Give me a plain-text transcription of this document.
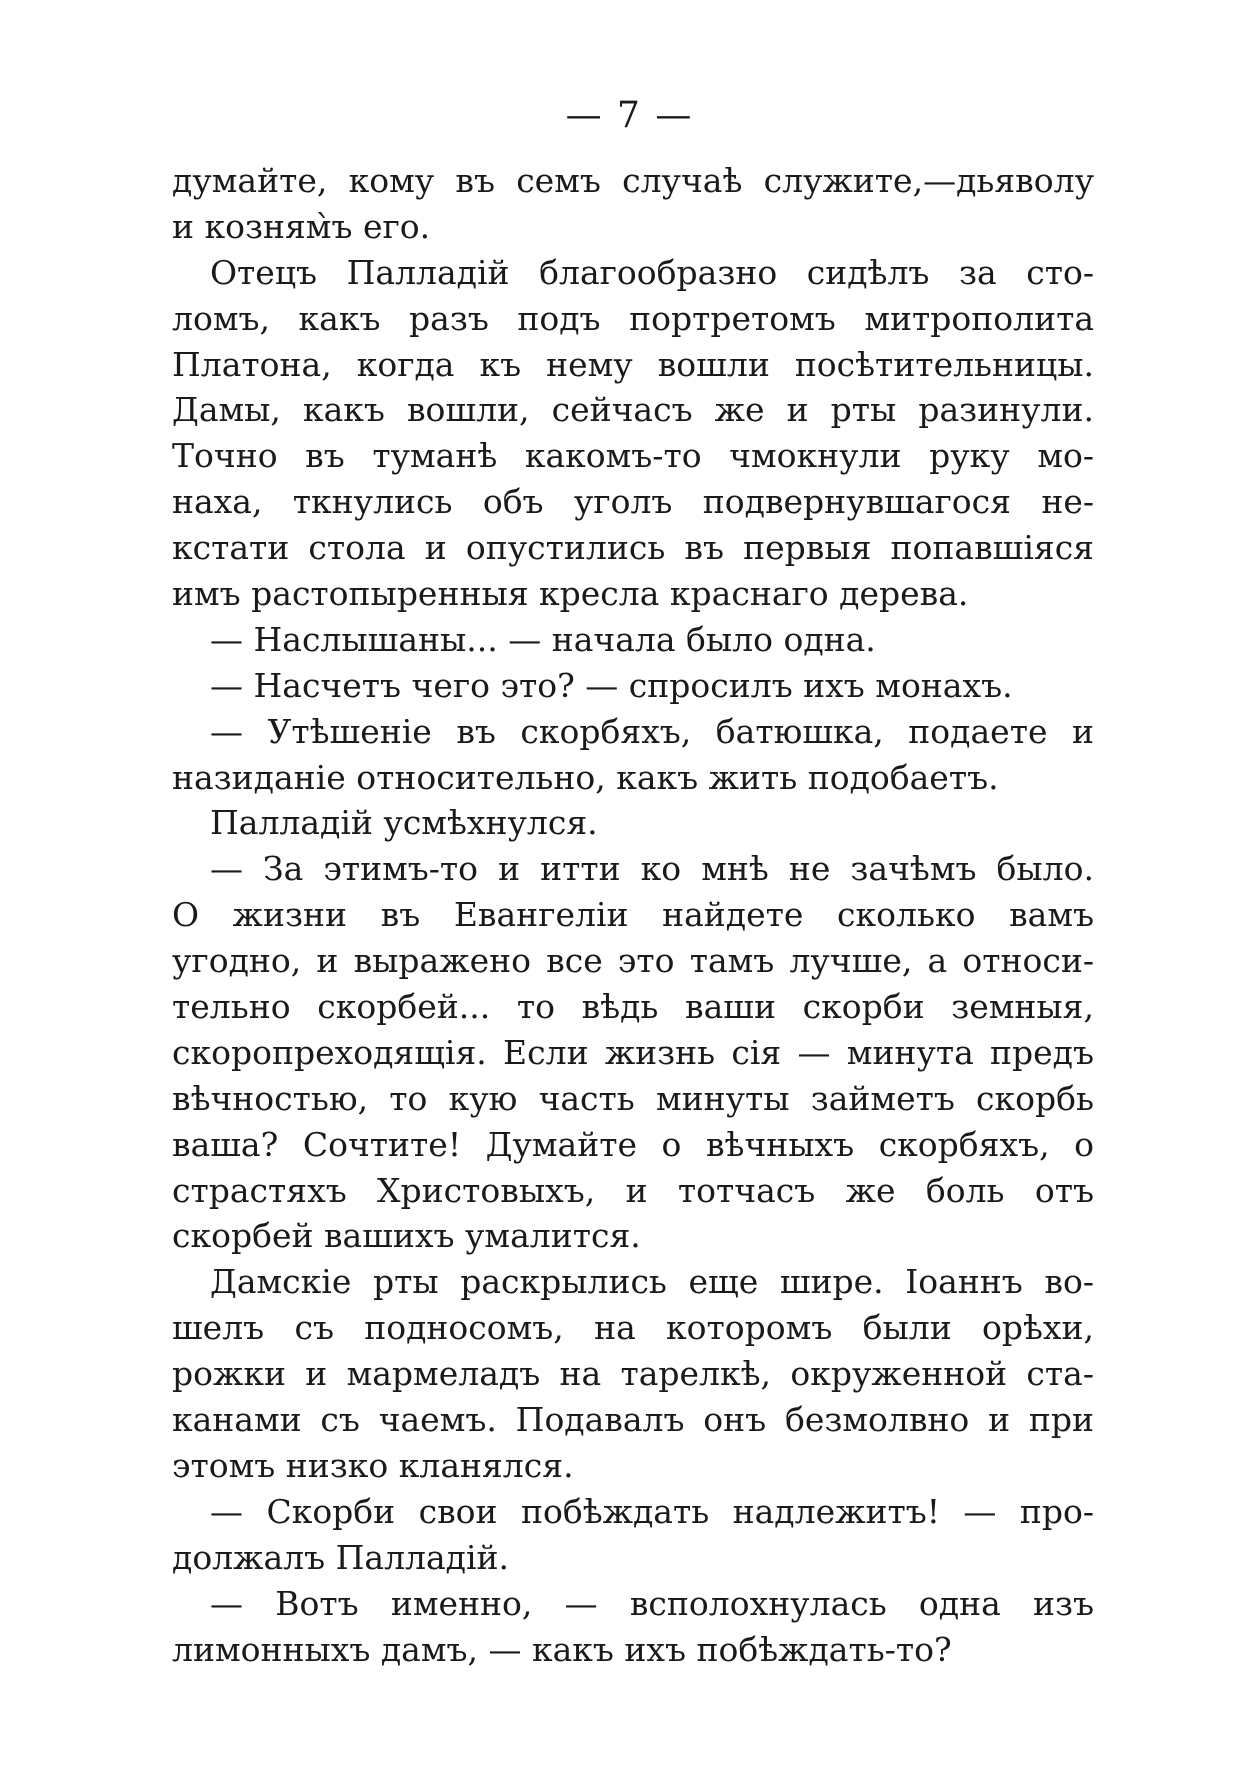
— 7 —
думайте, кому въ семъ случаѣ служите,—дьяволу
и козням̀ъ его.
Отецъ Палладій благообразно сидѣлъ за сто-
ломъ, какъ разъ подъ портретомъ митрополита
Платона, когда къ нему вошли посѣтительницы.
Дамы, какъ вошли, сейчасъ же и рты разинули.
Точно въ туманѣ какомъ-то чмокнули руку мо-
наха, ткнулись объ уголъ подвернувшагося не-
кстати стола и опустились въ первыя попавшiяся
имъ растопыренныя кресла краснаго дерева.
— Наслышаны... — начала было одна.
— Насчетъ чего это? — спросилъ ихъ монахъ.
— Утѣшенiе въ скорбяхъ, батюшка, подаете и
назиданiе относительно, какъ жить подобаетъ.
Палладій усмѣхнулся.
— За этимъ-то и итти ко мнѣ не зачѣмъ было.
О жизни въ Евангелiи найдете сколько вамъ
угодно, и выражено все это тамъ лучше, а относи-
тельно скорбей... то вѣдь ваши скорби земныя,
скоропреходящiя. Если жизнь сiя — минута предъ
вѣчностью, то кую часть минуты займетъ скорбь
ваша? Сочтите! Думайте о вѣчныхъ скорбяхъ, о
страстяхъ Христовыхъ, и тотчасъ же боль отъ
скорбей вашихъ умалится.
Дамскiе рты раскрылись еще шире. Iоаннъ во-
шелъ съ подносомъ, на которомъ были орѣхи,
рожки и мармеладъ на тарелкѣ, окруженной ста-
канами съ чаемъ. Подавалъ онъ безмолвно и при
этомъ низко кланялся.
— Скорби свои побѣждать надлежитъ! — про-
должалъ Палладій.
— Вотъ именно, — всполохнулась одна изъ
лимонныхъ дамъ, — какъ ихъ побѣждать-то?
